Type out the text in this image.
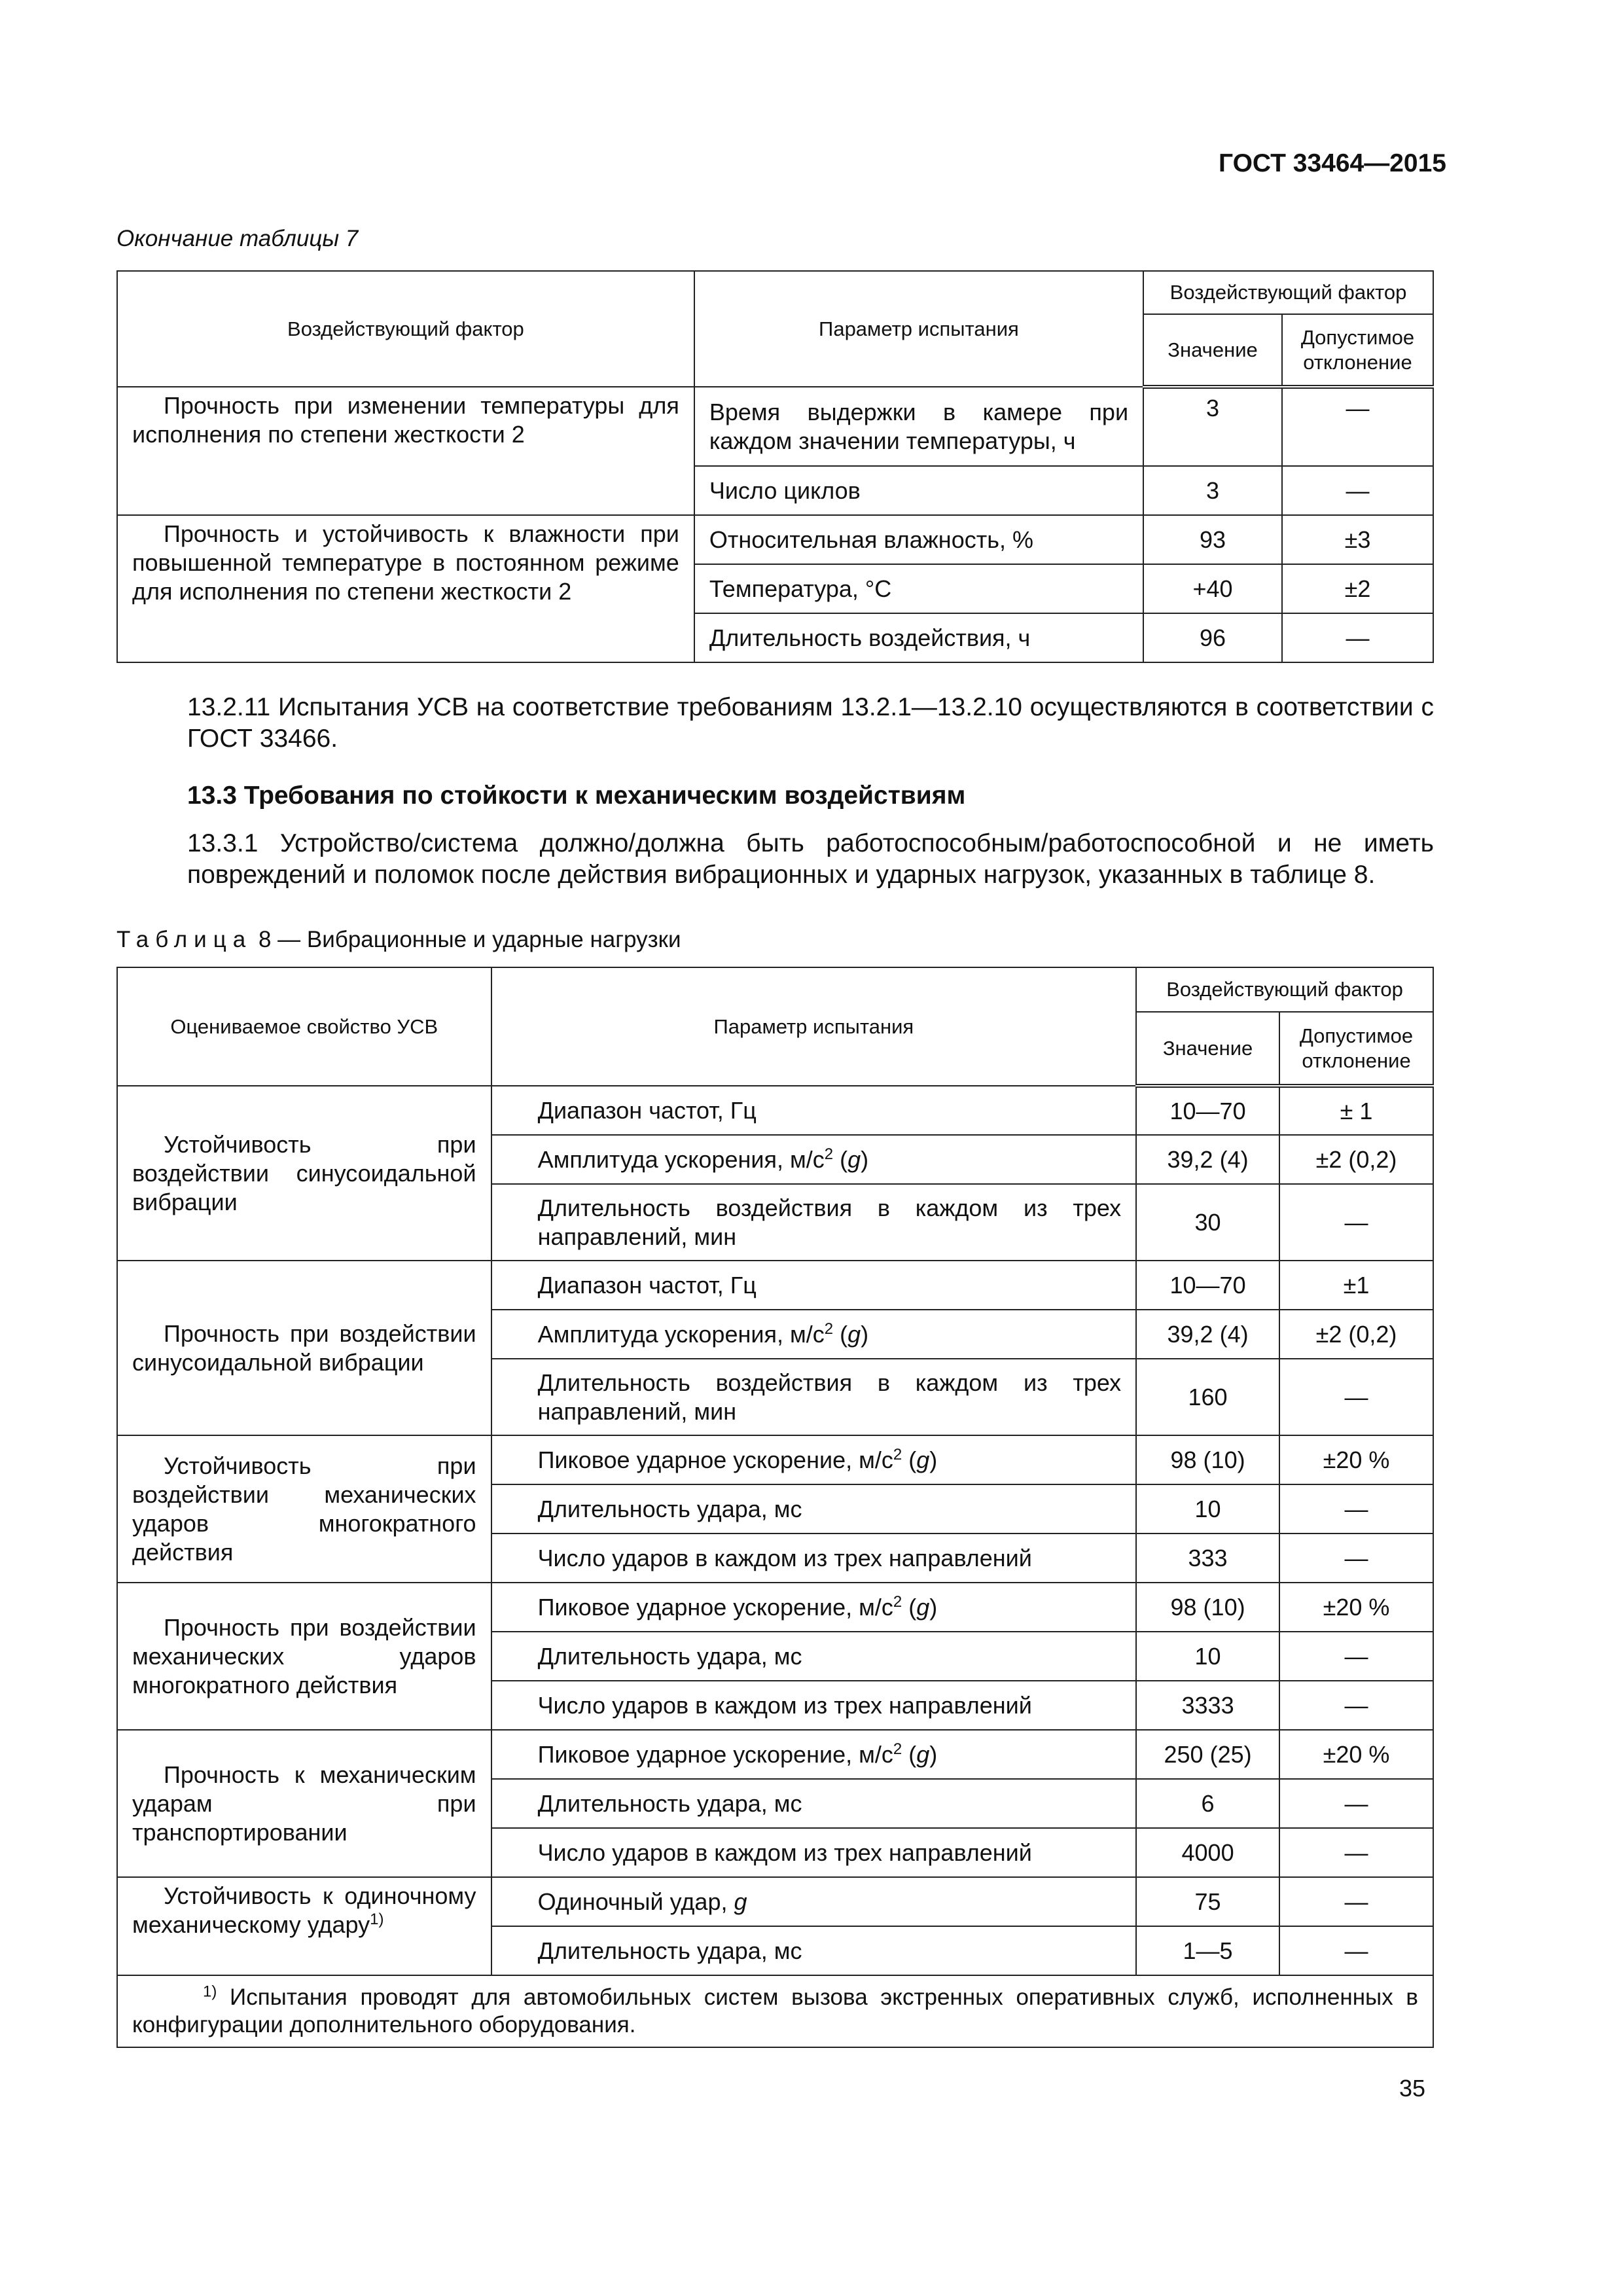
ГОСТ 33464—2015
Окончание таблицы 7
Воздействующий фактор	Параметр испытания	Воздействующий фактор	
		Значение	Допустимое
отклонение
Прочность при изменении температуры для исполнения по степени жесткости 2	Время выдержки в камере при каждом значении температуры, ч	3	—
	Число циклов	3	—
Прочность и устойчивость к влажности при повышенной температуре в постоянном режиме для исполнения по степени жесткости 2	Относительная влажность, %	93	±3
	Температура, °С	+40	±2
	Длительность воздействия, ч	96	—
13.2.11 Испытания УСВ на соответствие требованиям 13.2.1—13.2.10 осуществляются в соответствии с ГОСТ 33466.
13.3 Требования по стойкости к механическим воздействиям
13.3.1 Устройство/система должно/должна быть работоспособным/работоспособной и не иметь повреждений и поломок после действия вибрационных и ударных нагрузок, указанных в таблице 8.
Таблица 8 — Вибрационные и ударные нагрузки
Оцениваемое свойство УСВ	Параметр испытания	Воздействующий фактор	
		Значение	Допустимое
отклонение
Устойчивость при воздействии синусоидальной вибрации	Диапазон частот, Гц	10—70	± 1
	Амплитуда ускорения, $м/с^2$ (g)	39,2 (4)	±2 (0,2)
	Длительность воздействия в каждом из трех направлений, мин	30	—
Прочность при воздействии синусоидальной вибрации	Диапазон частот, Гц	10—70	±1
	Амплитуда ускорения, $м/с^2$ (g)	39,2 (4)	±2 (0,2)
	Длительность воздействия в каждом из трех направлений, мин	160	—
Устойчивость при воздействии механических ударов многократного действия	Пиковое ударное ускорение, $м/с^2$ (g)	98 (10)	±20 %
	Длительность удара, мс	10	—
	Число ударов в каждом из трех направлений	333	—
Прочность при воздействии механических ударов многократного действия	Пиковое ударное ускорение, $м/с^2$ (g)	98 (10)	±20 %
	Длительность удара, мс	10	—
	Число ударов в каждом из трех направлений	3333	—
Прочность к механическим ударам при транспортировании	Пиковое ударное ускорение, $м/с^2$ (g)	250 (25)	±20 %
	Длительность удара, мс	6	—
	Число ударов в каждом из трех направлений	4000	—
Устойчивость к одиночному механическому удару$^{1)}$	Одиночный удар, g	75	—
	Длительность удара, мс	1—5	—
$^{1)}$ Испытания проводят для автомобильных систем вызова экстренных оперативных служб, исполненных в конфигурации дополнительного оборудования.			
35
